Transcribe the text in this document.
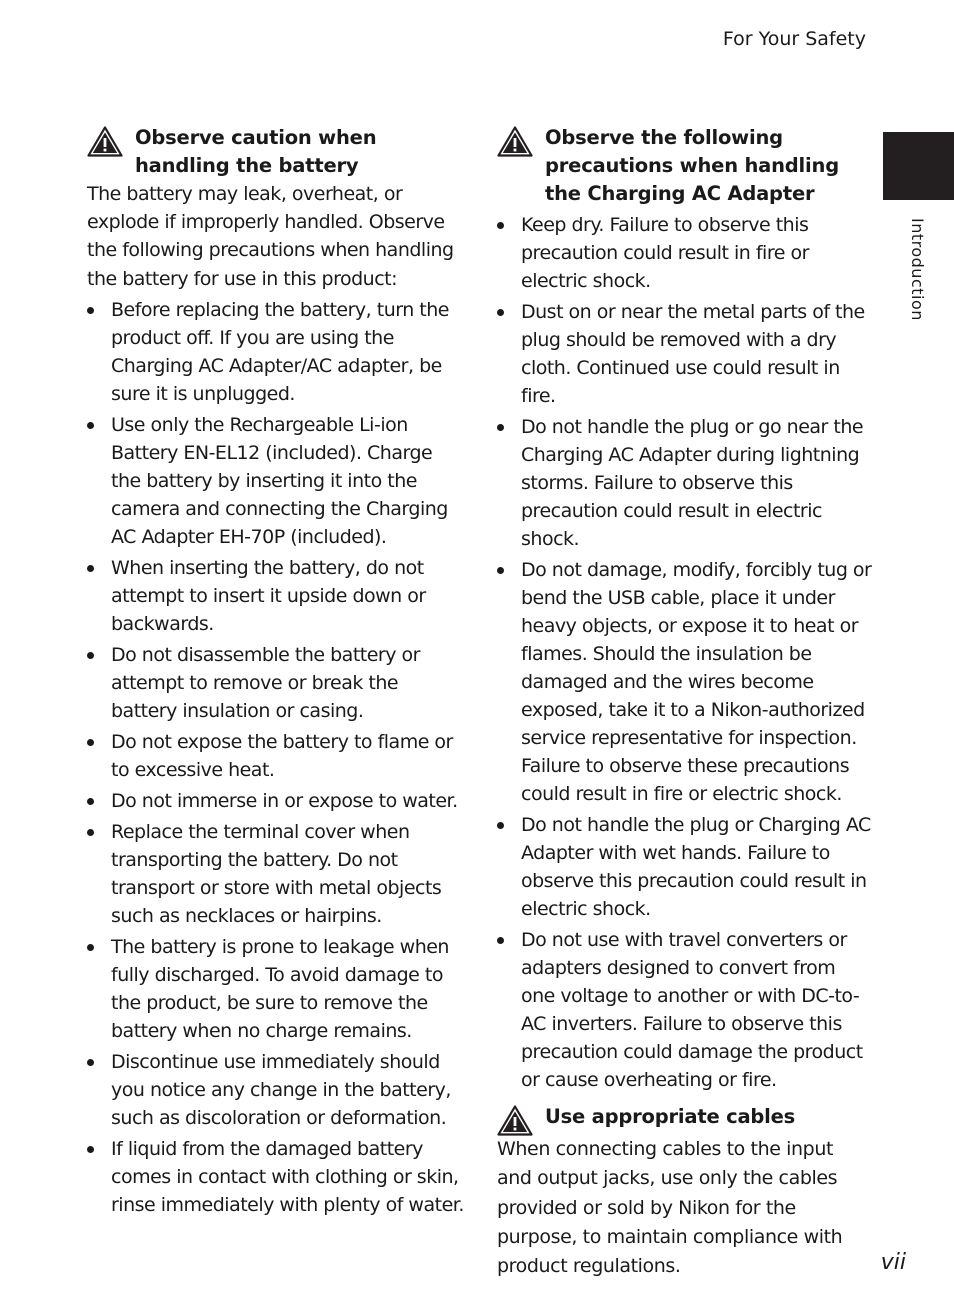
For Your Safety
Introduction
Observe caution when handling the battery

The battery may leak, overheat, or explode if improperly handled. Observe the following precautions when handling the battery for use in this product:

Before replacing the battery, turn the product off. If you are using the Charging AC Adapter/AC adapter, be sure it is unplugged.
Use only the Rechargeable Li-ion Battery EN-EL12 (included). Charge the battery by inserting it into the camera and connecting the Charging AC Adapter EH-70P (included).
When inserting the battery, do not attempt to insert it upside down or backwards.
Do not disassemble the battery or attempt to remove or break the battery insulation or casing.
Do not expose the battery to flame or to excessive heat.
Do not immerse in or expose to water.
Replace the terminal cover when transporting the battery. Do not transport or store with metal objects such as necklaces or hairpins.
The battery is prone to leakage when fully discharged. To avoid damage to the product, be sure to remove the battery when no charge remains.
Discontinue use immediately should you notice any change in the battery, such as discoloration or deformation.
If liquid from the damaged battery comes in contact with clothing or skin, rinse immediately with plenty of water.
Observe the following precautions when handling the Charging AC Adapter
Keep dry. Failure to observe this precaution could result in fire or electric shock.
Dust on or near the metal parts of the plug should be removed with a dry cloth. Continued use could result in fire.
Do not handle the plug or go near the Charging AC Adapter during lightning storms. Failure to observe this precaution could result in electric shock.
Do not damage, modify, forcibly tug or bend the USB cable, place it under heavy objects, or expose it to heat or flames. Should the insulation be damaged and the wires become exposed, take it to a Nikon-authorized service representative for inspection. Failure to observe these precautions could result in fire or electric shock.
Do not handle the plug or Charging AC Adapter with wet hands. Failure to observe this precaution could result in electric shock.
Do not use with travel converters or adapters designed to convert from one voltage to another or with DC-to-AC inverters. Failure to observe this precaution could damage the product or cause overheating or fire.
Use appropriate cables

When connecting cables to the input and output jacks, use only the cables provided or sold by Nikon for the purpose, to maintain compliance with product regulations.	vii
